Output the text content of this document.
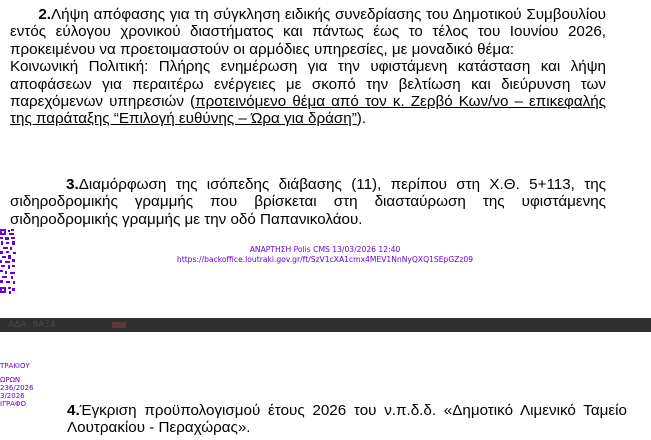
2.Λήψη απόφασης για τη σύγκληση ειδικής συνεδρίασης του Δημοτικού Συμβουλίου εντός εύλογου χρονικού διαστήματος και πάντως έως το τέλος του Ιουνίου 2026, προκειμένου να προετοιμαστούν οι αρμόδιες υπηρεσίες, με μοναδικό θέμα:
Κοινωνική Πολιτική: Πλήρης ενημέρωση για την υφιστάμενη κατάσταση και λήψη αποφάσεων για περαιτέρω ενέργειες με σκοπό την βελτίωση και διεύρυνση των παρεχόμενων υπηρεσιών (προτεινόμενο θέμα από τον κ. Ζερβό Κων/νο – επικεφαλής της παράταξης “Επιλογή ευθύνης – Ώρα για δράση”).

3.Διαμόρφωση της ισόπεδης διάβασης (11), περίπου στη Χ.Θ. 5+113, της σιδηροδρομικής γραμμής που βρίσκεται στη διασταύρωση της υφιστάμενης σιδηροδρομικής γραμμής με την οδό Παπανικολάου.

ΑΝΑΡΤΗΣΗ Polis CMS 13/03/2026 12:40
https://backoffice.loutraki.gov.gr/ft/SzV1cXA1cmx4MEV1NnNyQXQ1SEpGZz09
ΑΔΑ: 9ΑΞ4
ΤΡΑΚΙΟΥ
ΩΡΩΝ
236/2026
3/2026
ΙΓΡΑΦΟ	4.Έγκριση προϋπολογισμού έτους 2026 του ν.π.δ.δ. «Δημοτικό Λιμενικό Ταμείο Λουτρακίου - Περαχώρας».
